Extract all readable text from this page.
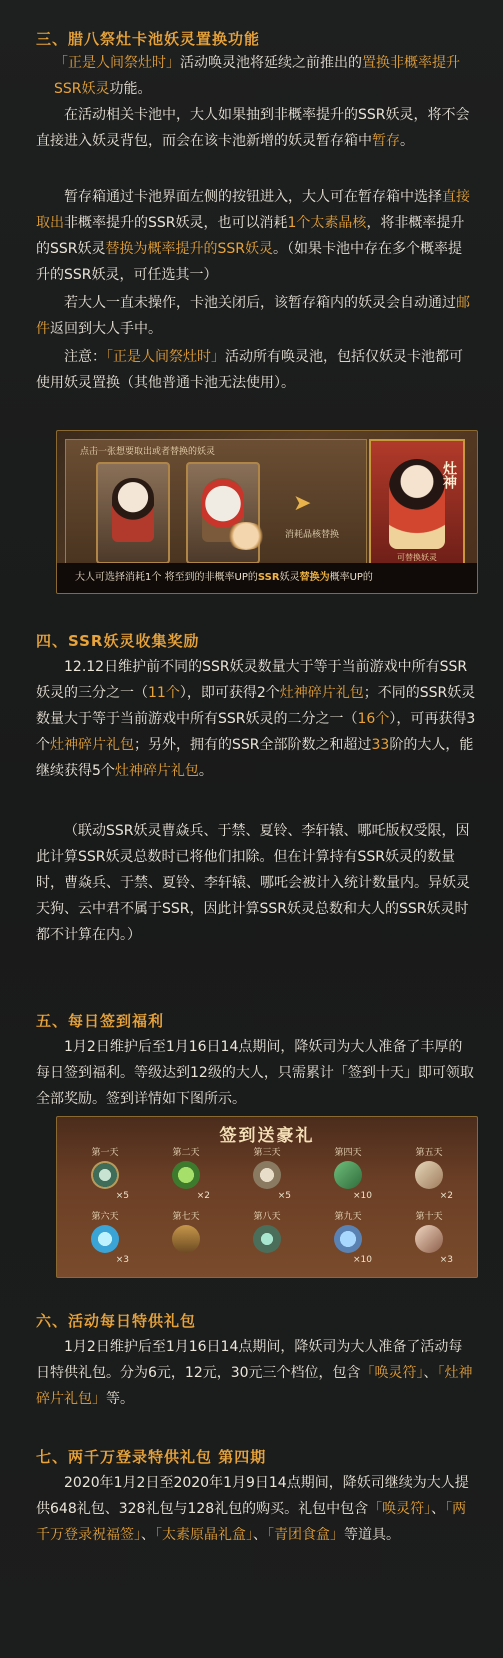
三、腊八祭灶卡池妖灵置换功能
「正是人间祭灶时」活动唤灵池将延续之前推出的置换非概率提升SSR妖灵功能。
在活动相关卡池中，大人如果抽到非概率提升的SSR妖灵，将不会直接进入妖灵背包，而会在该卡池新增的妖灵暂存箱中暂存。
暂存箱通过卡池界面左侧的按钮进入，大人可在暂存箱中选择直接取出非概率提升的SSR妖灵，也可以消耗1个太素晶核，将非概率提升的SSR妖灵替换为概率提升的SSR妖灵。（如果卡池中存在多个概率提升的SSR妖灵，可任选其一）
若大人一直未操作，卡池关闭后，该暂存箱内的妖灵会自动通过邮件返回到大人手中。
注意：「正是人间祭灶时」活动所有唤灵池，包括仅妖灵卡池都可使用妖灵置换（其他普通卡池无法使用）。
点击一张想要取出或者替换的妖灵
➤
消耗晶核替换
灶神
可替换妖灵
大人可选择消耗1个 将至到的非概率UP的SSR妖灵替换为概率UP的
四、SSR妖灵收集奖励
12.12日维护前不同的SSR妖灵数量大于等于当前游戏中所有SSR妖灵的三分之一（11个），即可获得2个灶神碎片礼包；不同的SSR妖灵数量大于等于当前游戏中所有SSR妖灵的二分之一（16个），可再获得3个灶神碎片礼包；另外，拥有的SSR全部阶数之和超过33阶的大人，能继续获得5个灶神碎片礼包。
（联动SSR妖灵曹焱兵、于禁、夏铃、李轩辕、哪吒版权受限，因此计算SSR妖灵总数时已将他们扣除。但在计算持有SSR妖灵的数量时，曹焱兵、于禁、夏铃、李轩辕、哪吒会被计入统计数量内。异妖灵天狗、云中君不属于SSR，因此计算SSR妖灵总数和大人的SSR妖灵时都不计算在内。）
五、每日签到福利
1月2日维护后至1月16日14点期间，降妖司为大人准备了丰厚的每日签到福利。等级达到12级的大人，只需累计「签到十天」即可领取全部奖励。签到详情如下图所示。
签到送豪礼
第一天
×5
第二天
×2
第三天
×5
第四天
×10
第五天
×2
第六天
×3
第七天	第八天	第九天
×10
第十天
×3
六、活动每日特供礼包
1月2日维护后至1月16日14点期间，降妖司为大人准备了活动每日特供礼包。分为6元，12元，30元三个档位，包含「唤灵符」、「灶神碎片礼包」等。
七、两千万登录特供礼包 第四期
2020年1月2日至2020年1月9日14点期间，降妖司继续为大人提供648礼包、328礼包与128礼包的购买。礼包中包含「唤灵符」、「两千万登录祝福签」、「太素原晶礼盒」、「青团食盒」等道具。
